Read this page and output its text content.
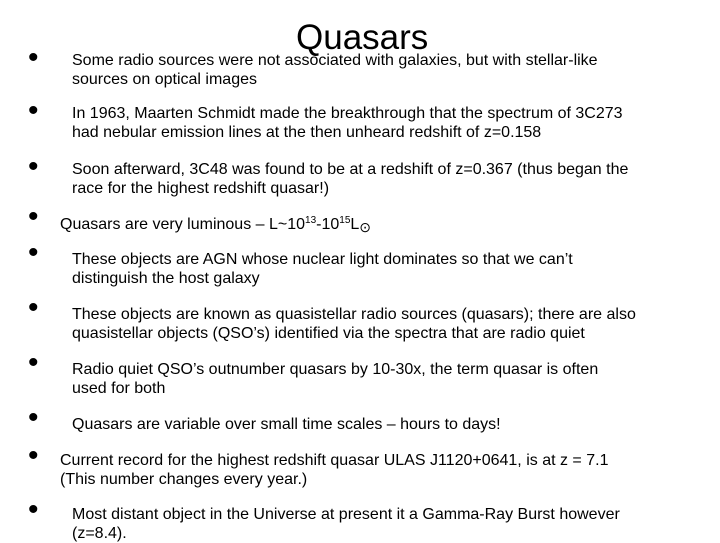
Quasars
• Some radio sources were not associated with galaxies, but with stellar-like
sources on optical images
• In 1963, Maarten Schmidt made the breakthrough that the spectrum of 3C273
had nebular emission lines at the then unheard redshift of z=0.158
• Soon afterward, 3C48 was found to be at a redshift of z=0.367 (thus began the
race for the highest redshift quasar!)
• Quasars are very luminous – $L\sim 10^{13}-10^{15}L⊙$
• These objects are AGN whose nuclear light dominates so that we can’t
distinguish the host galaxy
• These objects are known as quasistellar radio sources (quasars); there are also
quasistellar objects (QSO’s) identified via the spectra that are radio quiet
• Radio quiet QSO’s outnumber quasars by 10-30x, the term quasar is often
used for both
• Quasars are variable over small time scales – hours to days!
• Current record for the highest redshift quasar ULAS J1120+0641, is at z = 7.1
(This number changes every year.)
• Most distant object in the Universe at present it a Gamma-Ray Burst however
(z=8.4).
